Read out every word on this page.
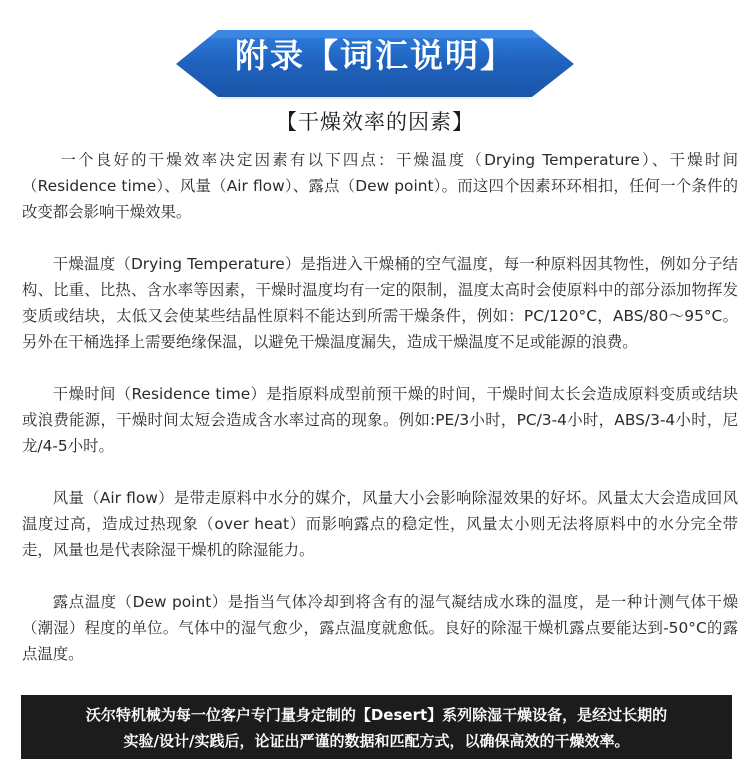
附录【词汇说明】
【干燥效率的因素】

一个良好的干燥效率决定因素有以下四点：干燥温度（Drying Temperature）、干燥时间（Residence time）、风量（Air flow）、露点（Dew point）。而这四个因素环环相扣，任何一个条件的改变都会影响干燥效果。

干燥温度（Drying Temperature）是指进入干燥桶的空气温度，每一种原料因其物性，例如分子结构、比重、比热、含水率等因素，干燥时温度均有一定的限制，温度太高时会使原料中的部分添加物挥发变质或结块，太低又会使某些结晶性原料不能达到所需干燥条件，例如：PC/120°C，ABS/80～95°C。另外在干桶选择上需要绝缘保温，以避免干燥温度漏失，造成干燥温度不足或能源的浪费。

干燥时间（Residence time）是指原料成型前预干燥的时间，干燥时间太长会造成原料变质或结块或浪费能源，干燥时间太短会造成含水率过高的现象。例如:PE/3小时，PC/3-4小时，ABS/3-4小时，尼龙/4-5小时。

风量（Air flow）是带走原料中水分的媒介，风量大小会影响除湿效果的好坏。风量太大会造成回风温度过高，造成过热现象（over heat）而影响露点的稳定性，风量太小则无法将原料中的水分完全带走，风量也是代表除湿干燥机的除湿能力。

露点温度（Dew point）是指当气体冷却到将含有的湿气凝结成水珠的温度，是一种计测气体干燥（潮湿）程度的单位。气体中的湿气愈少，露点温度就愈低。良好的除湿干燥机露点要能达到-50°C的露点温度。

沃尔特机械为每一位客户专门量身定制的【Desert】系列除湿干燥设备，是经过长期的
实验/设计/实践后，论证出严谨的数据和匹配方式，以确保高效的干燥效率。
